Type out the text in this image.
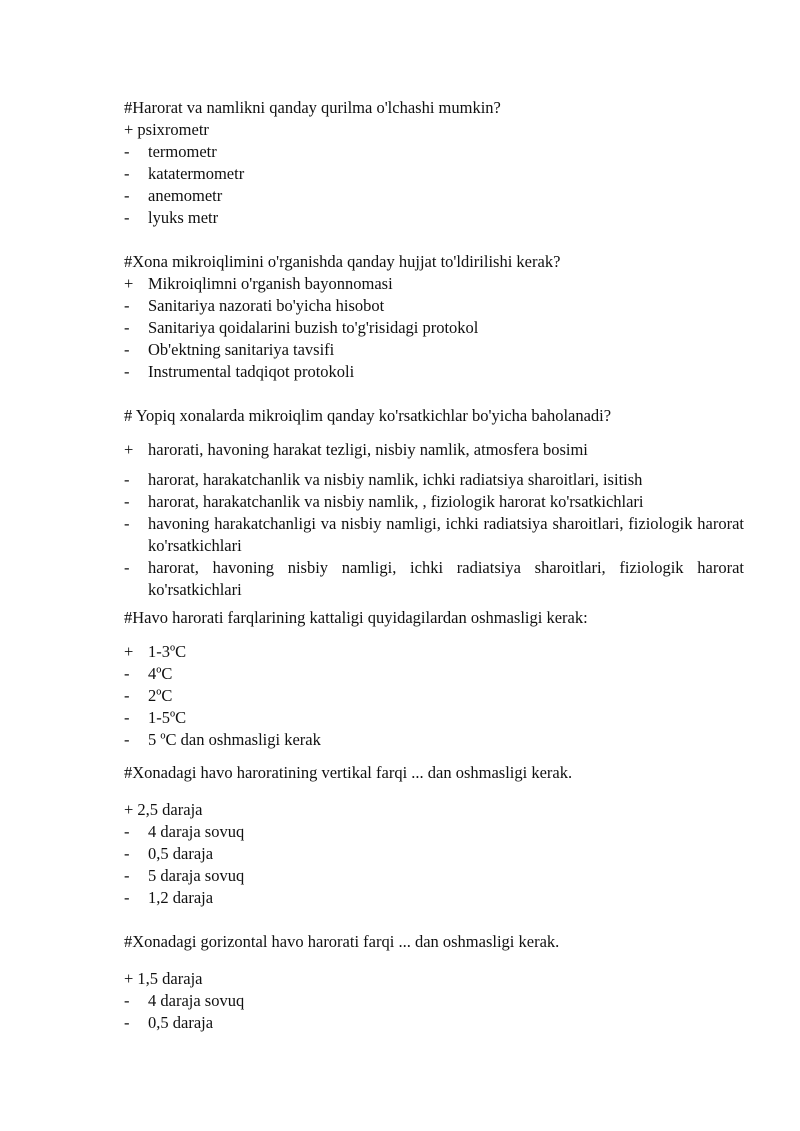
#Harorat va namlikni qanday qurilma o'lchashi mumkin?

+ psixrometr
-	termometr
-	katatermometr
-	anemometr
-	lyuks metr

#Xona mikroiqlimini o'rganishda qanday hujjat to'ldirilishi kerak?

+ Mikroiqlimni o'rganish bayonnomasi
-	Sanitariya nazorati bo'yicha hisobot
-	Sanitariya qoidalarini buzish to'g'risidagi protokol
-	Ob'ektning sanitariya tavsifi
-	Instrumental tadqiqot protokoli

# Yopiq xonalarda mikroiqlim qanday ko'rsatkichlar bo'yicha baholanadi?

+ harorati, havoning harakat tezligi, nisbiy namlik, atmosfera bosimi
-	harorat, harakatchanlik va nisbiy namlik, ichki radiatsiya sharoitlari, isitish
-	harorat, harakatchanlik va nisbiy namlik, , fiziologik harorat ko'rsatkichlari
-	havoning harakatchanligi va nisbiy namligi, ichki radiatsiya sharoitlari, fiziologik harorat ko'rsatkichlari
-	harorat, havoning nisbiy namligi, ichki radiatsiya sharoitlari, fiziologik harorat ko'rsatkichlari

#Havo harorati farqlarining kattaligi quyidagilardan oshmasligi kerak:

+ 1-3ºC
-	4ºC
-	2ºC
-	1-5ºC
-	5 ºC dan oshmasligi kerak

#Xonadagi havo haroratining vertikal farqi ... dan oshmasligi kerak.

+ 2,5 daraja
-	4 daraja sovuq
-	0,5 daraja
-	5 daraja sovuq
-	1,2 daraja

#Xonadagi gorizontal havo harorati farqi ... dan oshmasligi kerak.

+ 1,5 daraja
-	4 daraja sovuq
-	0,5 daraja
